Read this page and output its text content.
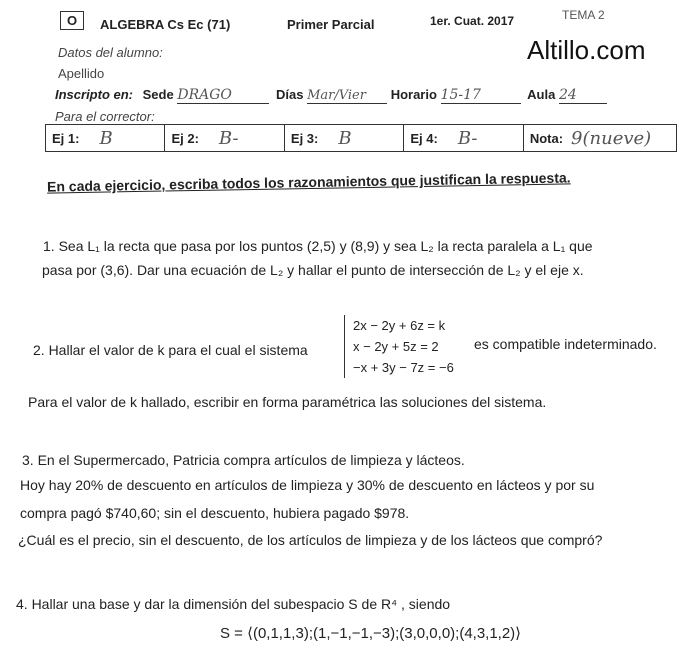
O	ALGEBRA Cs Ec (71)	Primer Parcial	1er. Cuat. 2017	TEMA 2
Altillo.com
Datos del alumno:
Apellido
Inscripto en: Sede DRAGO	Días Mar/Vier Horario 15-17	Aula 24
Para el corrector:
Ej 1: B	Ej 2: B-	Ej 3: B	Ej 4: B-	Nota: 9(nueve)
En cada ejercicio, escriba todos los razonamientos que justifican la respuesta.
1. Sea L₁ la recta que pasa por los puntos (2,5) y (8,9) y sea L₂ la recta paralela a L₁ que
pasa por (3,6). Dar una ecuación de L₂ y hallar el punto de intersección de L₂ y el eje x.
2. Hallar el valor de k para el cual el sistema
2x − 2y + 6z = k
x − 2y + 5z = 2
−x + 3y − 7z = −6
es compatible indeterminado.
Para el valor de k hallado, escribir en forma paramétrica las soluciones del sistema.
3. En el Supermercado, Patricia compra artículos de limpieza y lácteos.
Hoy hay 20% de descuento en artículos de limpieza y 30% de descuento en lácteos y por su
compra pagó $740,60; sin el descuento, hubiera pagado $978.
¿Cuál es el precio, sin el descuento, de los artículos de limpieza y de los lácteos que compró?
4. Hallar una base y dar la dimensión del subespacio S de R⁴ , siendo
S = ⟨(0,1,1,3);(1,−1,−1,−3);(3,0,0,0);(4,3,1,2)⟩
